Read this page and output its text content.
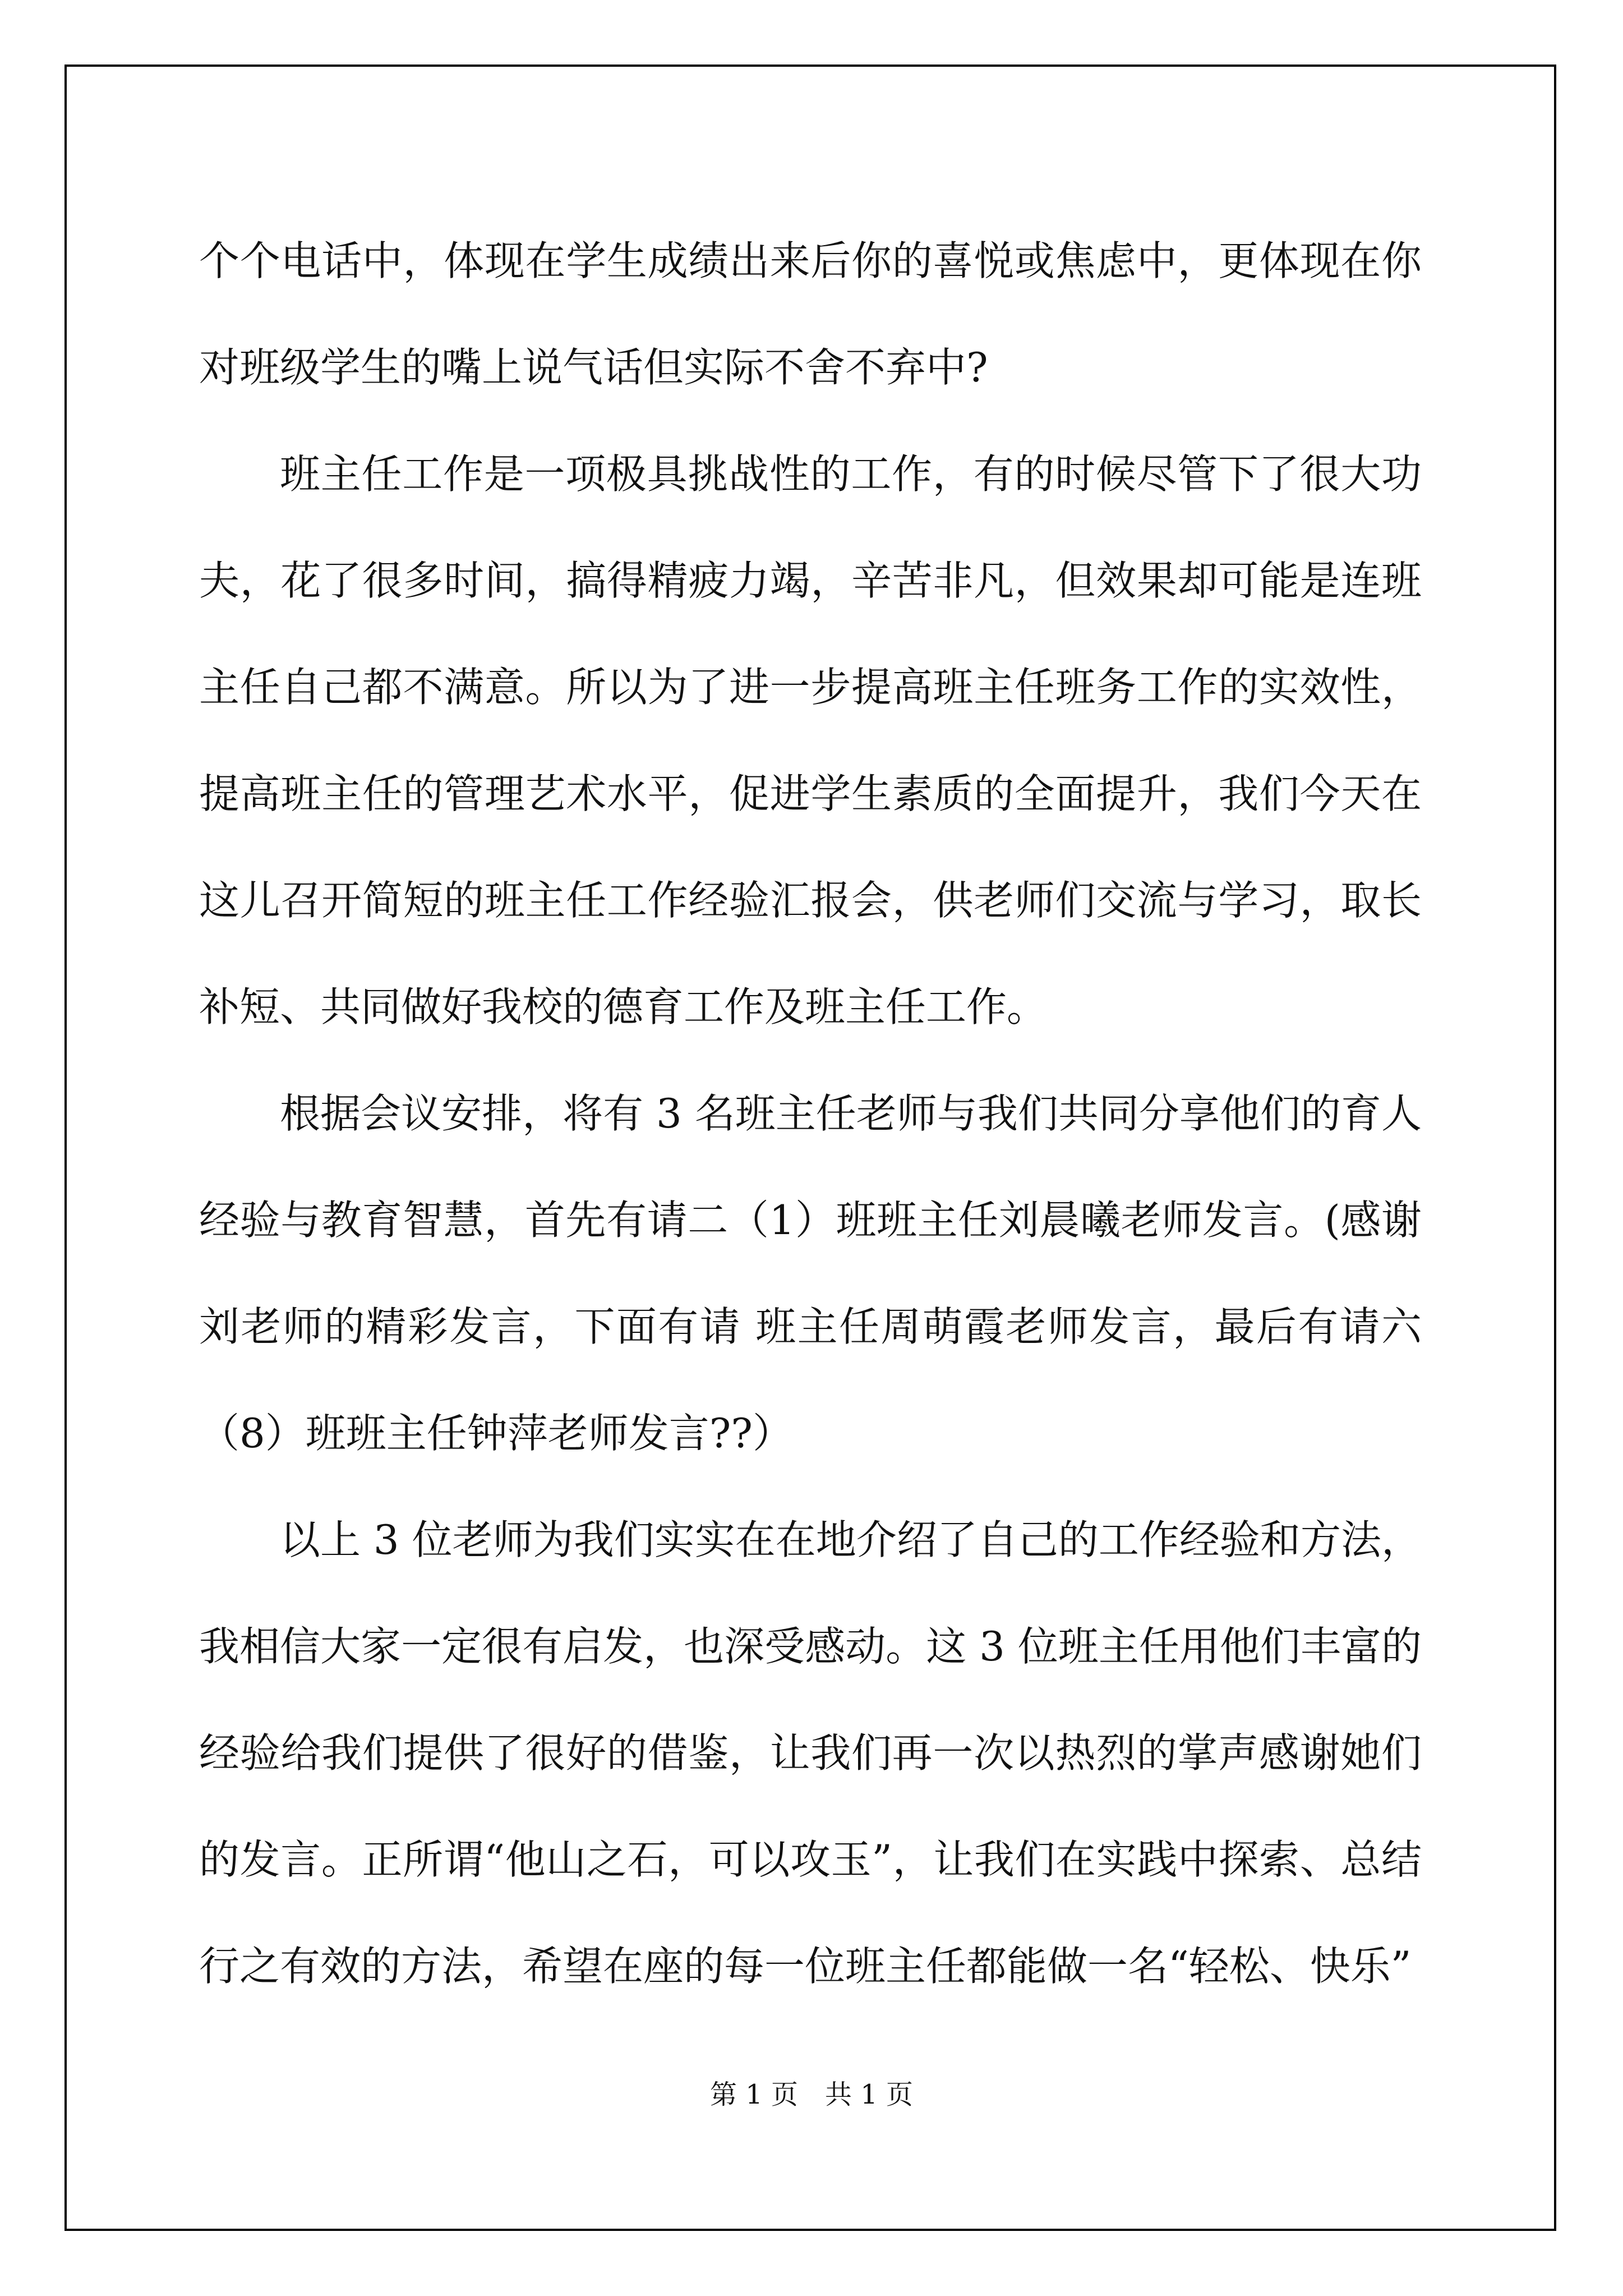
个个电话中，体现在学生成绩出来后你的喜悦或焦虑中，更体现在你对班级学生的嘴上说气话但实际不舍不弃中?

班主任工作是一项极具挑战性的工作，有的时候尽管下了很大功夫，花了很多时间，搞得精疲力竭，辛苦非凡，但效果却可能是连班主任自己都不满意。所以为了进一步提高班主任班务工作的实效性，提高班主任的管理艺术水平，促进学生素质的全面提升，我们今天在这儿召开简短的班主任工作经验汇报会，供老师们交流与学习，取长补短、共同做好我校的德育工作及班主任工作。

根据会议安排，将有 3 名班主任老师与我们共同分享他们的育人经验与教育智慧，首先有请二（1）班班主任刘晨曦老师发言。(感谢刘老师的精彩发言，下面有请 班主任周萌霞老师发言，最后有请六（8）班班主任钟萍老师发言??）

以上 3 位老师为我们实实在在地介绍了自己的工作经验和方法，我相信大家一定很有启发，也深受感动。这 3 位班主任用他们丰富的经验给我们提供了很好的借鉴，让我们再一次以热烈的掌声感谢她们的发言。正所谓“他山之石，可以攻玉”，让我们在实践中探索、总结行之有效的方法，希望在座的每一位班主任都能做一名“轻松、快乐”

第 1 页　共 1 页
